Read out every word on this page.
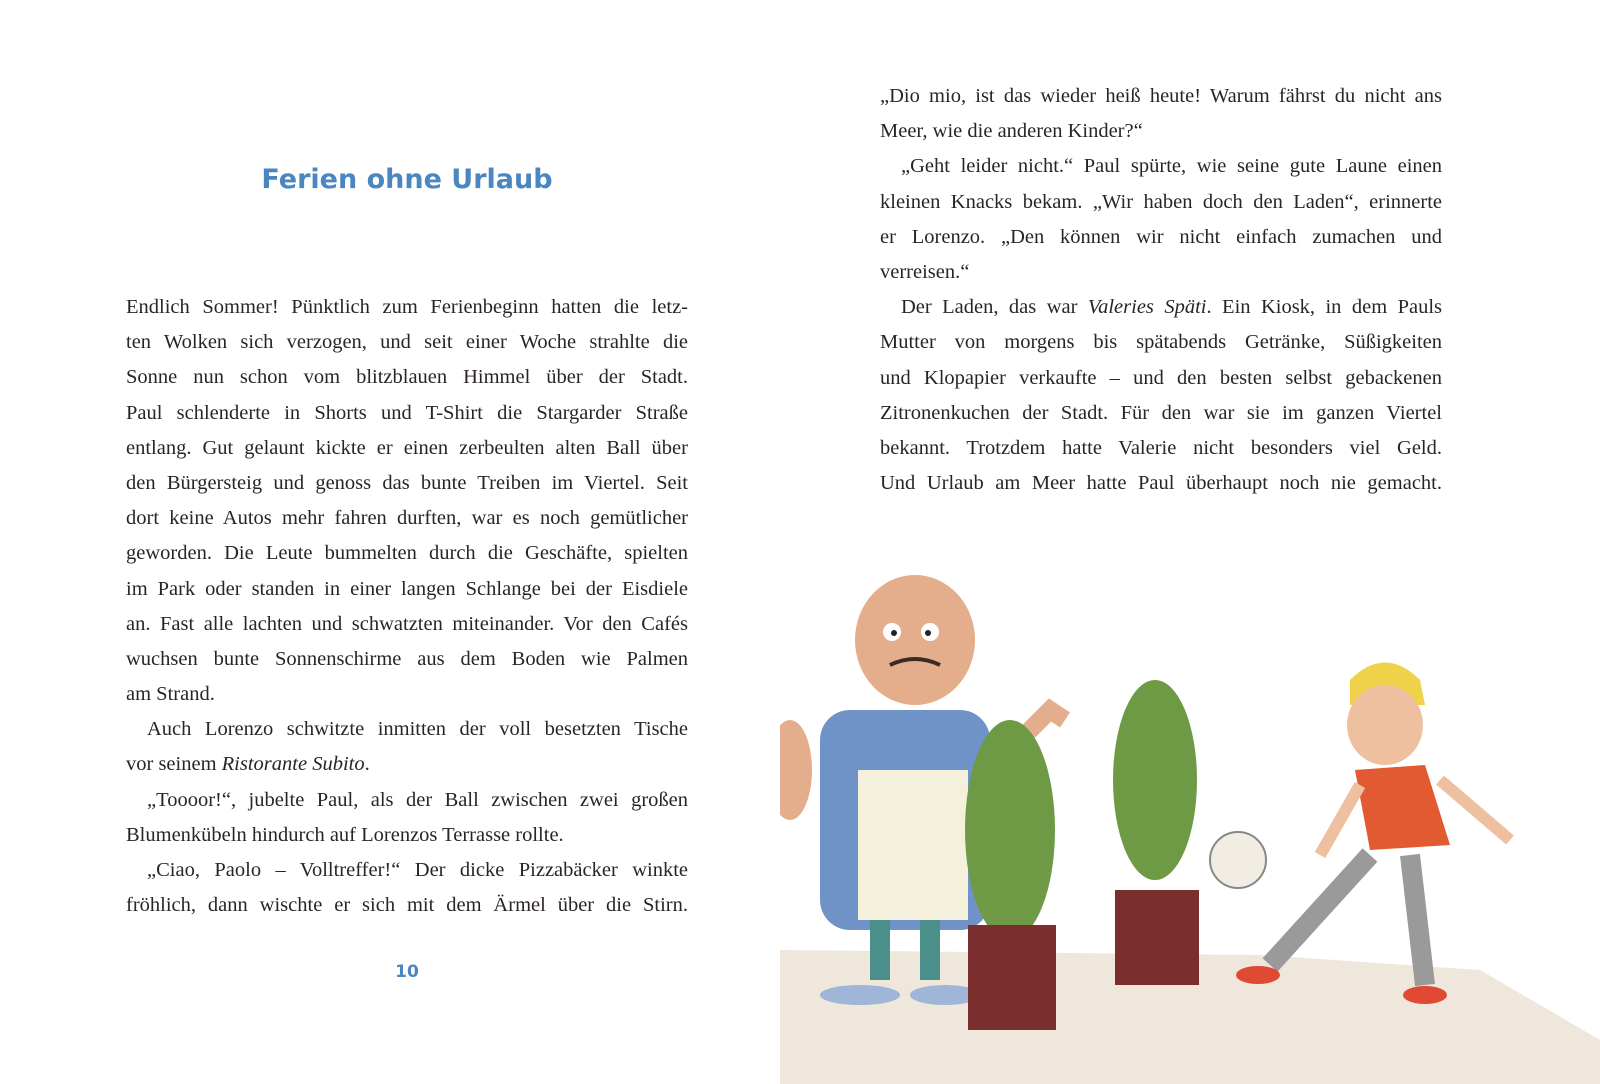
Ferien ohne Urlaub
Endlich Sommer! Pünktlich zum Ferienbeginn hatten die letz-
ten Wolken sich verzogen, und seit einer Woche strahlte die
Sonne nun schon vom blitzblauen Himmel über der Stadt.
Paul schlenderte in Shorts und T-Shirt die Stargarder Straße
entlang. Gut gelaunt kickte er einen zerbeulten alten Ball über
den Bürgersteig und genoss das bunte Treiben im Viertel. Seit
dort keine Autos mehr fahren durften, war es noch gemütlicher
geworden. Die Leute bummelten durch die Geschäfte, spielten
im Park oder standen in einer langen Schlange bei der Eisdiele
an. Fast alle lachten und schwatzten miteinander. Vor den Cafés
wuchsen bunte Sonnenschirme aus dem Boden wie Palmen
am Strand.
Auch Lorenzo schwitzte inmitten der voll besetzten Tische
vor seinem Ristorante Subito.
„Toooor!“, jubelte Paul, als der Ball zwischen zwei großen
Blumenkübeln hindurch auf Lorenzos Terrasse rollte.
„Ciao, Paolo – Volltreffer!“ Der dicke Pizzabäcker winkte
fröhlich, dann wischte er sich mit dem Ärmel über die Stirn.
„Dio mio, ist das wieder heiß heute! Warum fährst du nicht ans
Meer, wie die anderen Kinder?“
„Geht leider nicht.“ Paul spürte, wie seine gute Laune einen
kleinen Knacks bekam. „Wir haben doch den Laden“, erinnerte
er Lorenzo. „Den können wir nicht einfach zumachen und
verreisen.“
Der Laden, das war Valeries Späti. Ein Kiosk, in dem Pauls
Mutter von morgens bis spätabends Getränke, Süßigkeiten
und Klopapier verkaufte – und den besten selbst gebackenen
Zitronenkuchen der Stadt. Für den war sie im ganzen Viertel
bekannt. Trotzdem hatte Valerie nicht besonders viel Geld.
Und Urlaub am Meer hatte Paul überhaupt noch nie gemacht.
10
